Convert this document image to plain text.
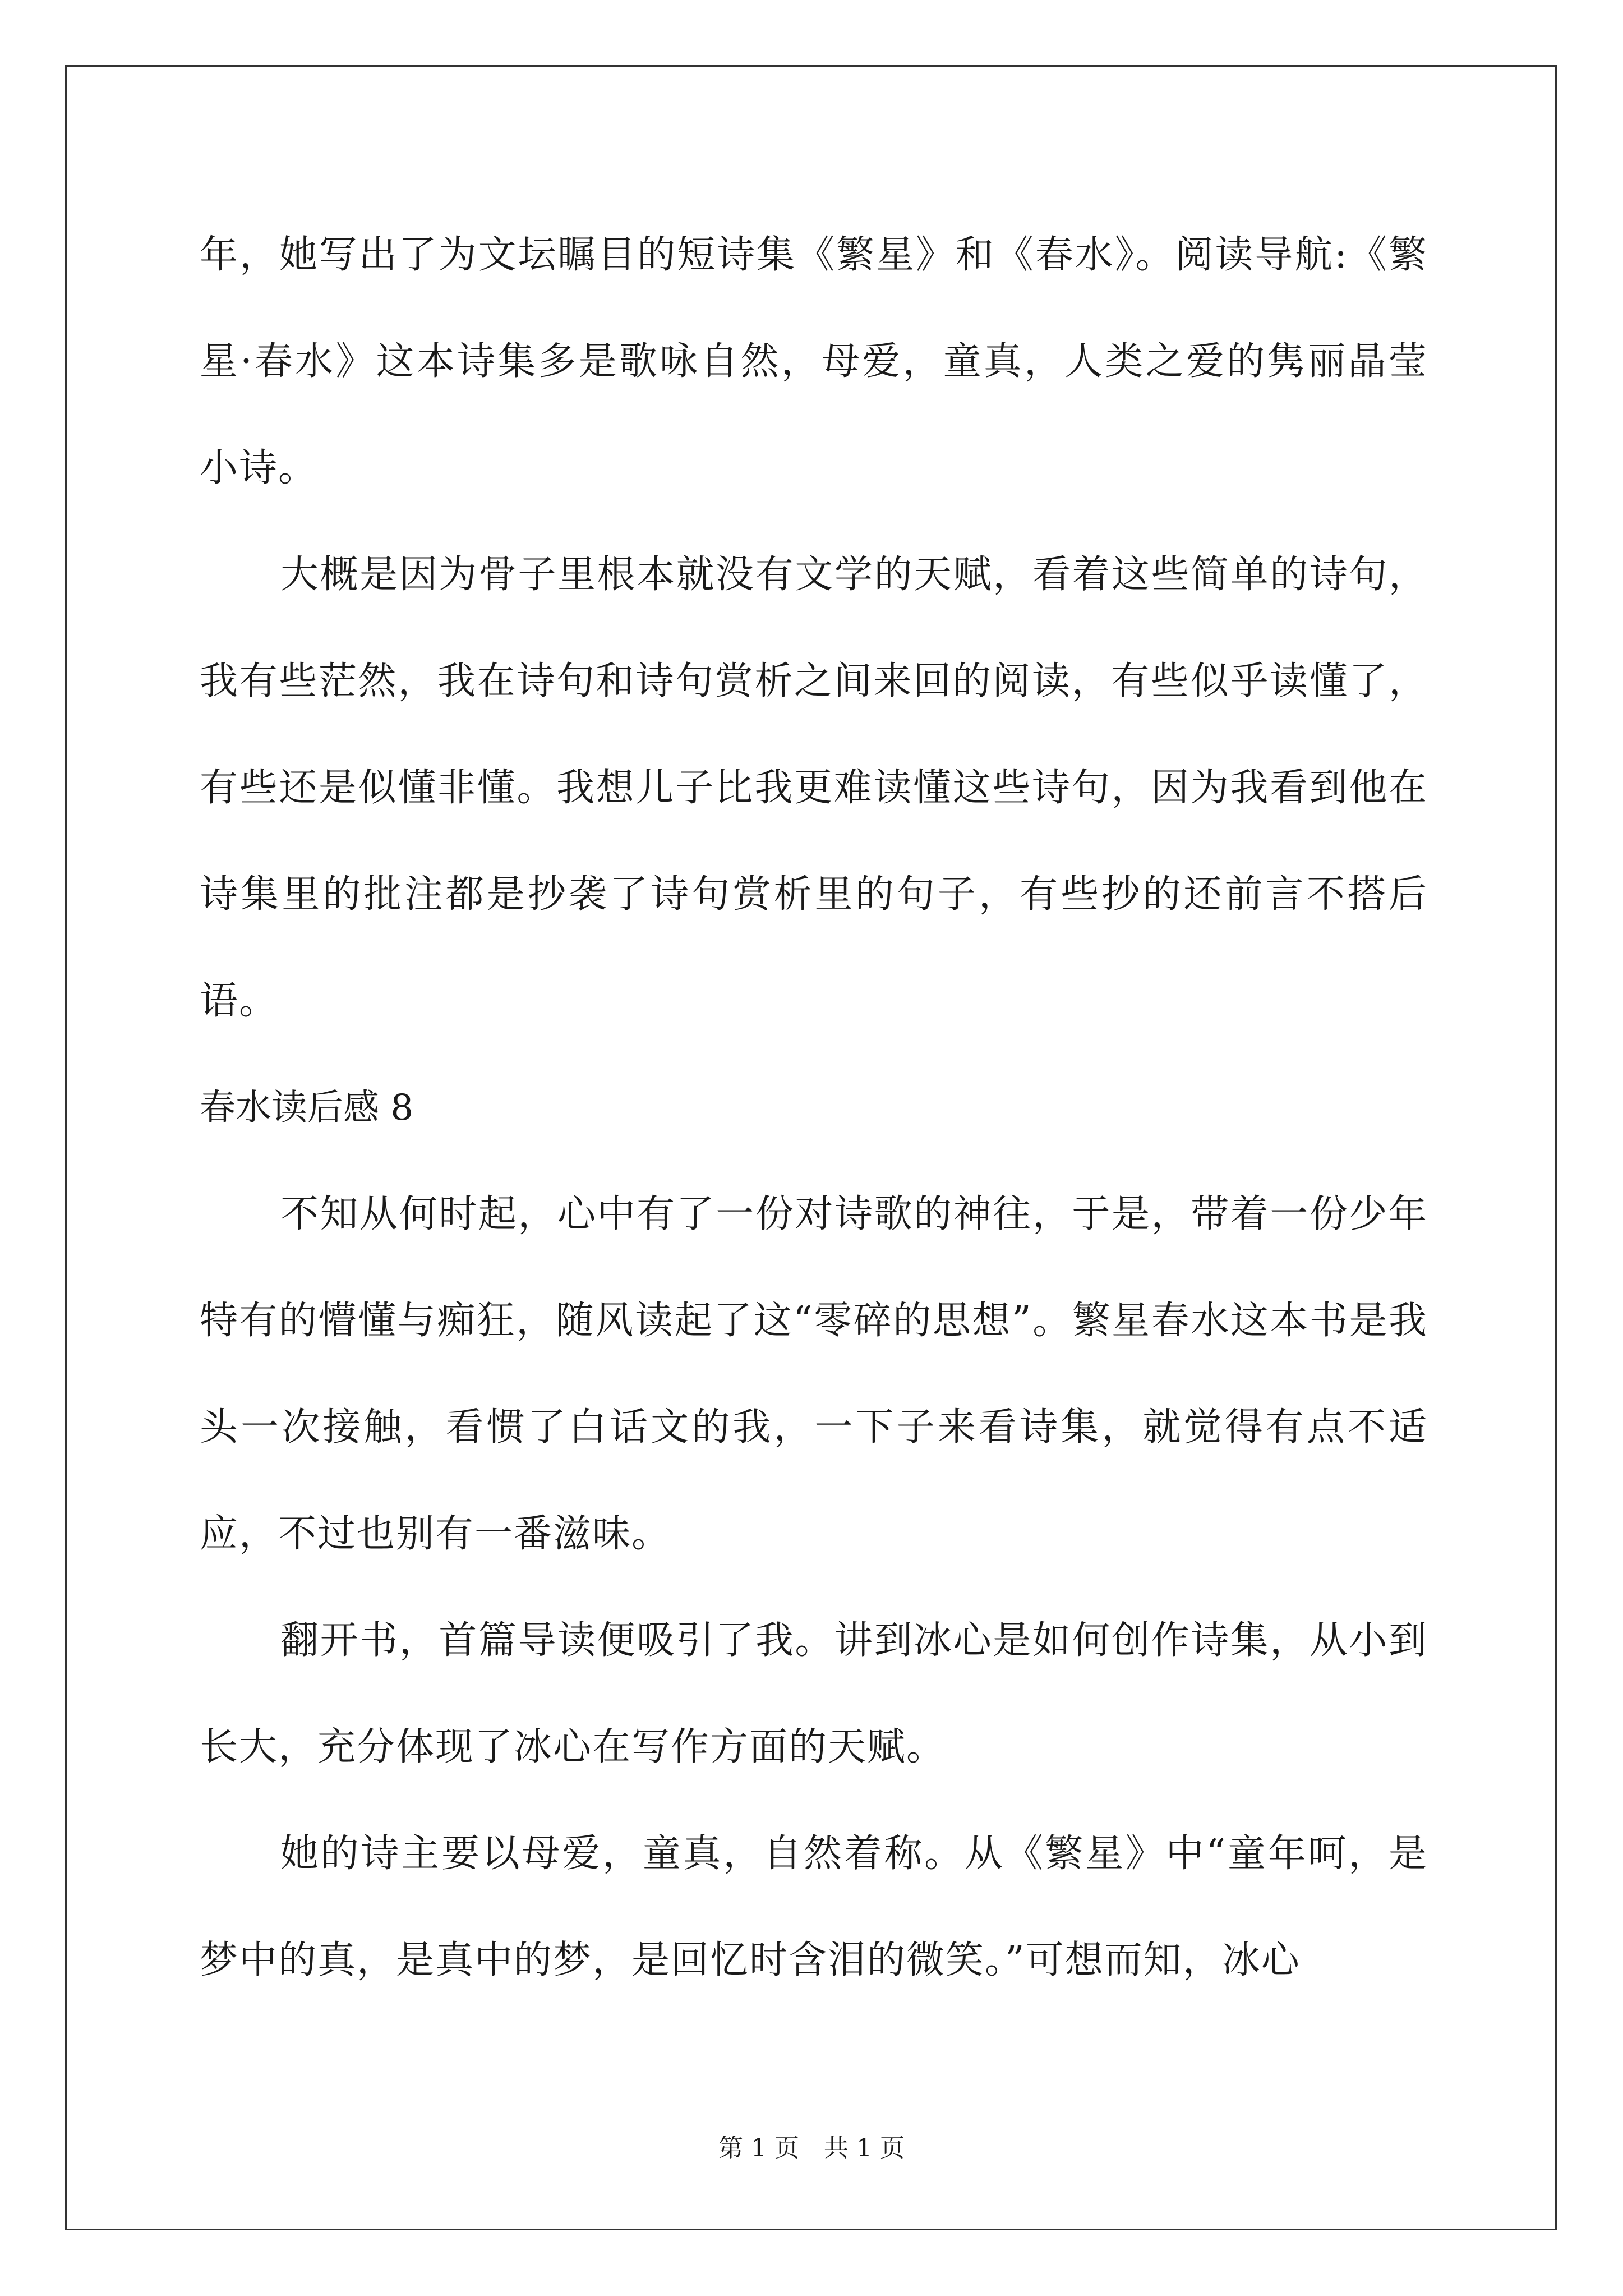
年，她写出了为文坛瞩目的短诗集《繁星》和《春水》。阅读导航:《繁星·春水》这本诗集多是歌咏自然，母爱，童真，人类之爱的隽丽晶莹小诗。

大概是因为骨子里根本就没有文学的天赋，看着这些简单的诗句，我有些茫然，我在诗句和诗句赏析之间来回的阅读，有些似乎读懂了，有些还是似懂非懂。我想儿子比我更难读懂这些诗句，因为我看到他在诗集里的批注都是抄袭了诗句赏析里的句子，有些抄的还前言不搭后语。

春水读后感 8

不知从何时起，心中有了一份对诗歌的神往，于是，带着一份少年特有的懵懂与痴狂，随风读起了这“零碎的思想”。繁星春水这本书是我头一次接触，看惯了白话文的我，一下子来看诗集，就觉得有点不适应，不过也别有一番滋味。

翻开书，首篇导读便吸引了我。讲到冰心是如何创作诗集，从小到长大，充分体现了冰心在写作方面的天赋。

她的诗主要以母爱，童真，自然着称。从《繁星》中“童年呵，是梦中的真，是真中的梦，是回忆时含泪的微笑。”可想而知，冰心

第 1 页 共 1 页
